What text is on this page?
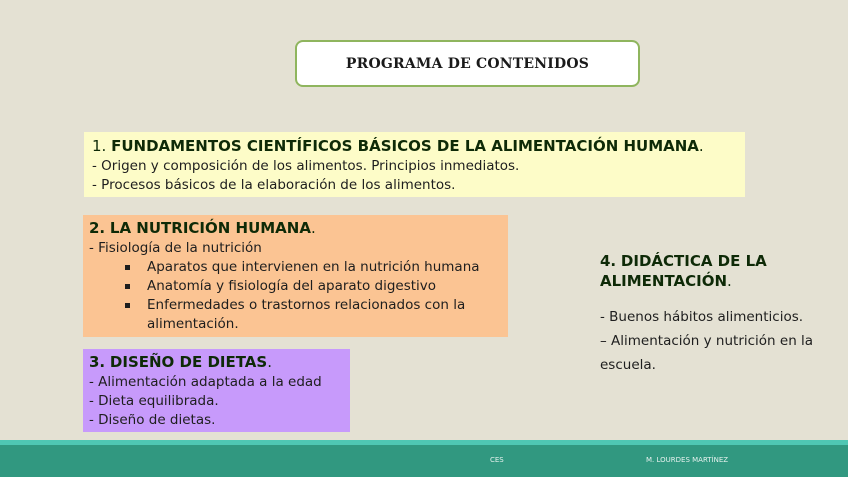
PROGRAMA DE CONTENIDOS
1. FUNDAMENTOS CIENTÍFICOS BÁSICOS DE LA ALIMENTACIÓN HUMANA.
- Origen y composición de los alimentos. Principios inmediatos.
- Procesos básicos de la elaboración de los alimentos.
2. LA NUTRICIÓN HUMANA.
- Fisiología de la nutrición
Aparatos que intervienen en la nutrición humana
Anatomía y fisiología del aparato digestivo
Enfermedades o trastornos relacionados con la alimentación.
3. DISEÑO DE DIETAS.
- Alimentación adaptada a la edad
- Dieta equilibrada.
- Diseño de dietas.
4. DIDÁCTICA DE LA ALIMENTACIÓN.
- Buenos hábitos alimenticios.
– Alimentación y nutrición en la escuela.
CES	M. LOURDES MARTÍNEZ
